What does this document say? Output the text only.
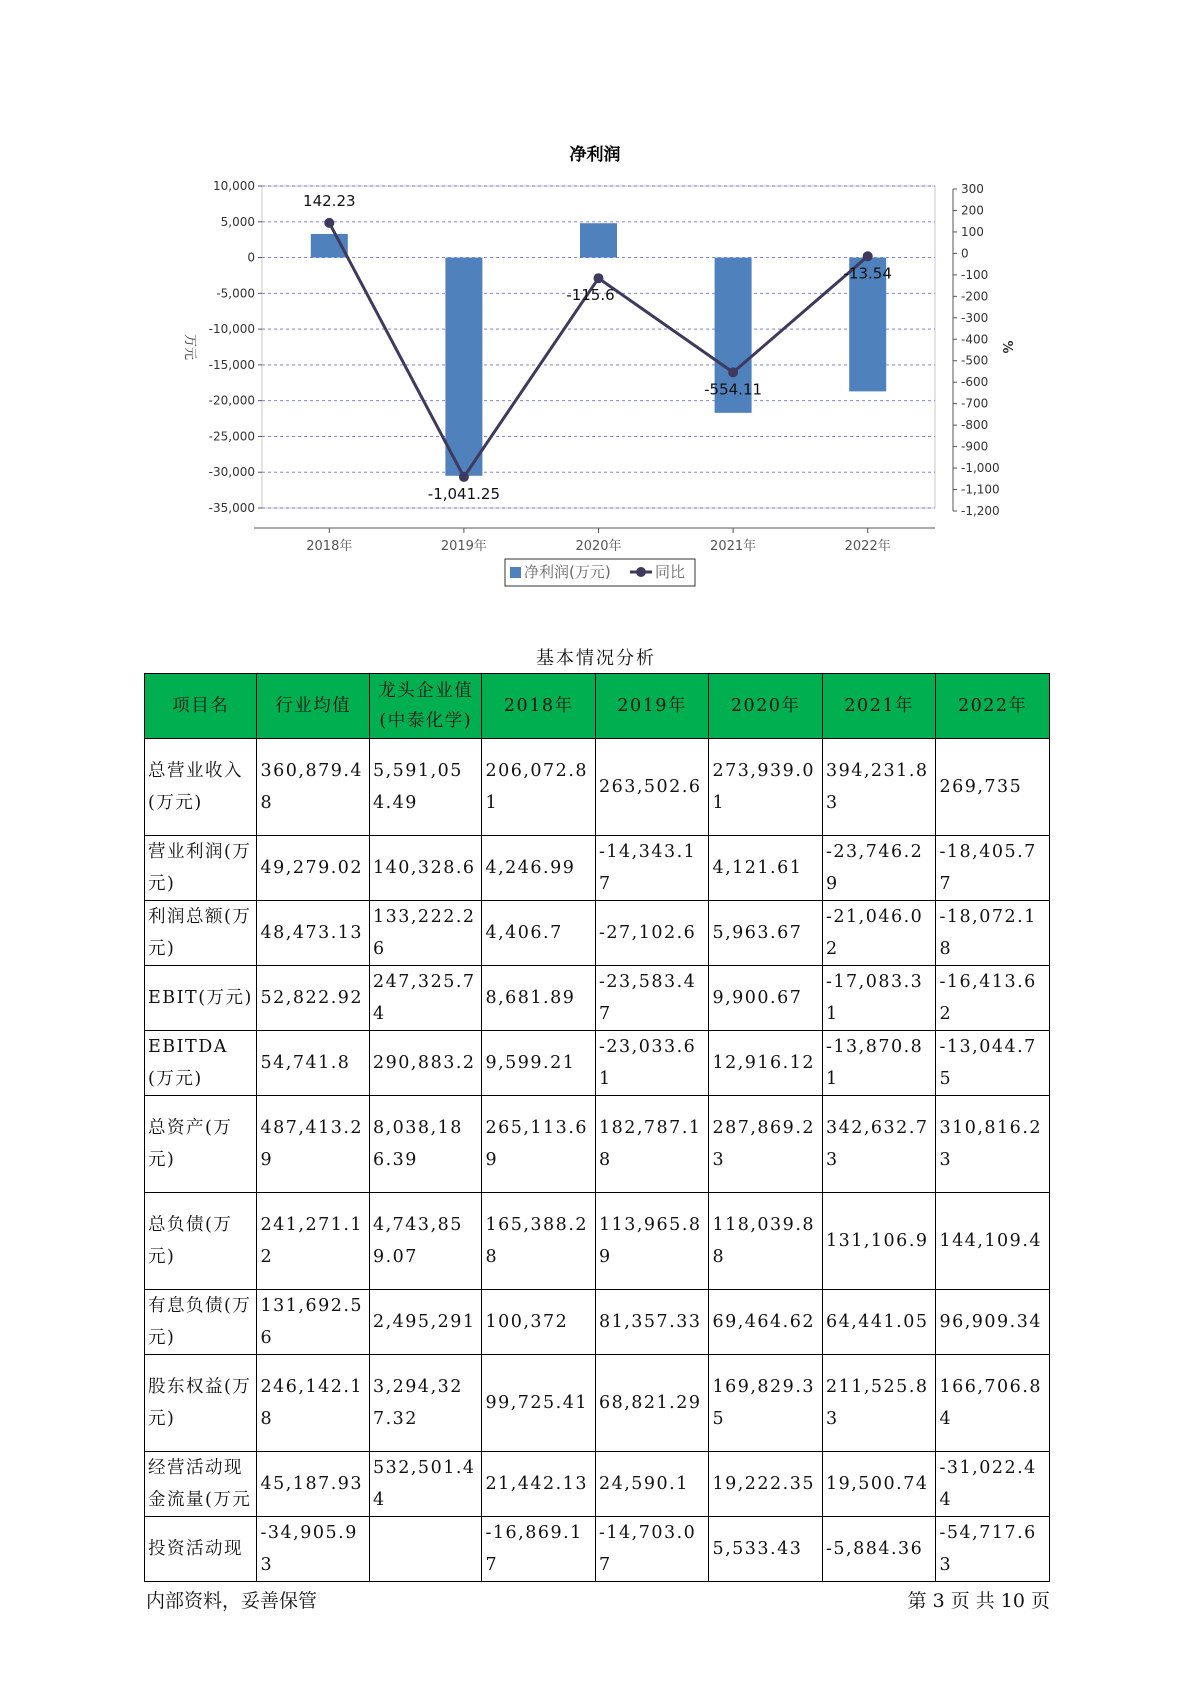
净利润
10,000
5,000
0
-5,000
-10,000
-15,000
-20,000
-25,000
-30,000
-35,000
300
200
100
0
-100
-200
-300
-400
-500
-600
-700
-800
-900
-1,000
-1,100
-1,200
2018年	2019年	2020年	2021年	2022年
万元	%
142.23
-1,041.25
-115.6
-554.11
-13.54
净利润(万元)	同比
基本情况分析
项目名	行业均值	龙头企业值(中泰化学)	2018年	2019年	2020年	2021年	2022年
总营业收入(万元)	360,879.48	5,591,054.49	206,072.81	263,502.6	273,939.01	394,231.83	269,735
营业利润(万元)	49,279.02	140,328.6	4,246.99	-14,343.17	4,121.61	-23,746.29	-18,405.77
利润总额(万元)	48,473.13	133,222.26	4,406.7	-27,102.6	5,963.67	-21,046.02	-18,072.18
EBIT(万元)	52,822.92	247,325.74	8,681.89	-23,583.47	9,900.67	-17,083.31	-16,413.62
EBITDA(万元)	54,741.8	290,883.2	9,599.21	-23,033.61	12,916.12	-13,870.81	-13,044.75
总资产(万元)	487,413.29	8,038,186.39	265,113.69	182,787.18	287,869.23	342,632.73	310,816.23
总负债(万元)	241,271.12	4,743,859.07	165,388.28	113,965.89	118,039.88	131,106.9	144,109.4
有息负债(万元)	131,692.56	2,495,291	100,372	81,357.33	69,464.62	64,441.05	96,909.34
股东权益(万元)	246,142.18	3,294,327.32	99,725.41	68,821.29	169,829.35	211,525.83	166,706.84
经营活动现金流量(万元	45,187.93	532,501.44	21,442.13	24,590.1	19,222.35	19,500.74	-31,022.44
投资活动现	-34,905.93		-16,869.17	-14,703.07	5,533.43	-5,884.36	-54,717.63
内部资料，妥善保管	第 3 页 共 10 页
